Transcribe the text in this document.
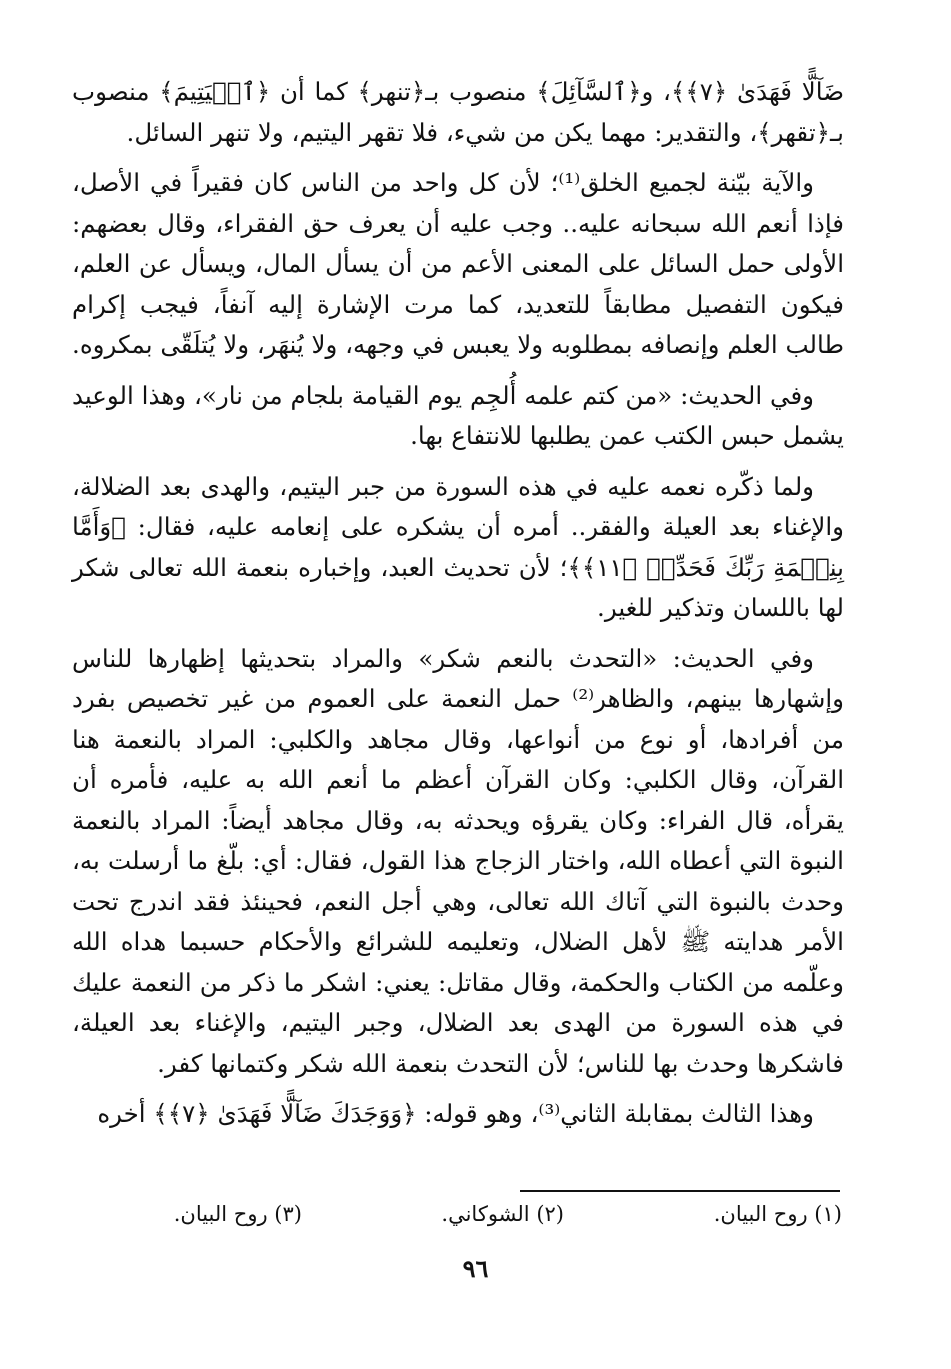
ضَآلًّا فَهَدَىٰ ﴿٧﴾﴾، و﴿ٱلسَّآئِلَ﴾ منصوب بـ﴿تنهر﴾ كما أن ﴿ٱلۡيَتِيمَ﴾ منصوب بـ﴿تقهر﴾، والتقدير: مهما يكن من شيء، فلا تقهر اليتيم، ولا تنهر السائل.

والآية بيّنة لجميع الخلق⁽¹⁾؛ لأن كل واحد من الناس كان فقيراً في الأصل، فإذا أنعم الله سبحانه عليه.. وجب عليه أن يعرف حق الفقراء، وقال بعضهم: الأولى حمل السائل على المعنى الأعم من أن يسأل المال، ويسأل عن العلم، فيكون التفصيل مطابقاً للتعديد، كما مرت الإشارة إليه آنفاً، فيجب إكرام طالب العلم وإنصافه بمطلوبه ولا يعبس في وجهه، ولا يُنهَر، ولا يُتلَقّى بمكروه.

وفي الحديث: «من كتم علمه أُلجِم يوم القيامة بلجام من نار»، وهذا الوعيد يشمل حبس الكتب عمن يطلبها للانتفاع بها.

ولما ذكّره نعمه عليه في هذه السورة من جبر اليتيم، والهدى بعد الضلالة، والإغناء بعد العيلة والفقر.. أمره أن يشكره على إنعامه عليه، فقال: ﴿وَأَمَّا بِنِعۡمَةِ رَبِّكَ فَحَدِّثۡ ﴿١١﴾﴾؛ لأن تحديث العبد، وإخباره بنعمة الله تعالى شكر لها باللسان وتذكير للغير.

وفي الحديث: «التحدث بالنعم شكر» والمراد بتحديثها إظهارها للناس وإشهارها بينهم، والظاهر⁽²⁾ حمل النعمة على العموم من غير تخصيص بفرد من أفرادها، أو نوع من أنواعها، وقال مجاهد والكلبي: المراد بالنعمة هنا القرآن، وقال الكلبي: وكان القرآن أعظم ما أنعم الله به عليه، فأمره أن يقرأه، قال الفراء: وكان يقرؤه ويحدثه به، وقال مجاهد أيضاً: المراد بالنعمة النبوة التي أعطاه الله، واختار الزجاج هذا القول، فقال: أي: بلّغ ما أرسلت به، وحدث بالنبوة التي آتاك الله تعالى، وهي أجل النعم، فحينئذ فقد اندرج تحت الأمر هدايته ﷺ لأهل الضلال، وتعليمه للشرائع والأحكام حسبما هداه الله وعلّمه من الكتاب والحكمة، وقال مقاتل: يعني: اشكر ما ذكر من النعمة عليك في هذه السورة من الهدى بعد الضلال، وجبر اليتيم، والإغناء بعد العيلة، فاشكرها وحدث بها للناس؛ لأن التحدث بنعمة الله شكر وكتمانها كفر.

وهذا الثالث بمقابلة الثاني⁽³⁾، وهو قوله: ﴿وَوَجَدَكَ ضَآلًّا فَهَدَىٰ ﴿٧﴾﴾ أخره

(١) روح البيان.
(٢) الشوكاني.
(٣) روح البيان.
٩٦
